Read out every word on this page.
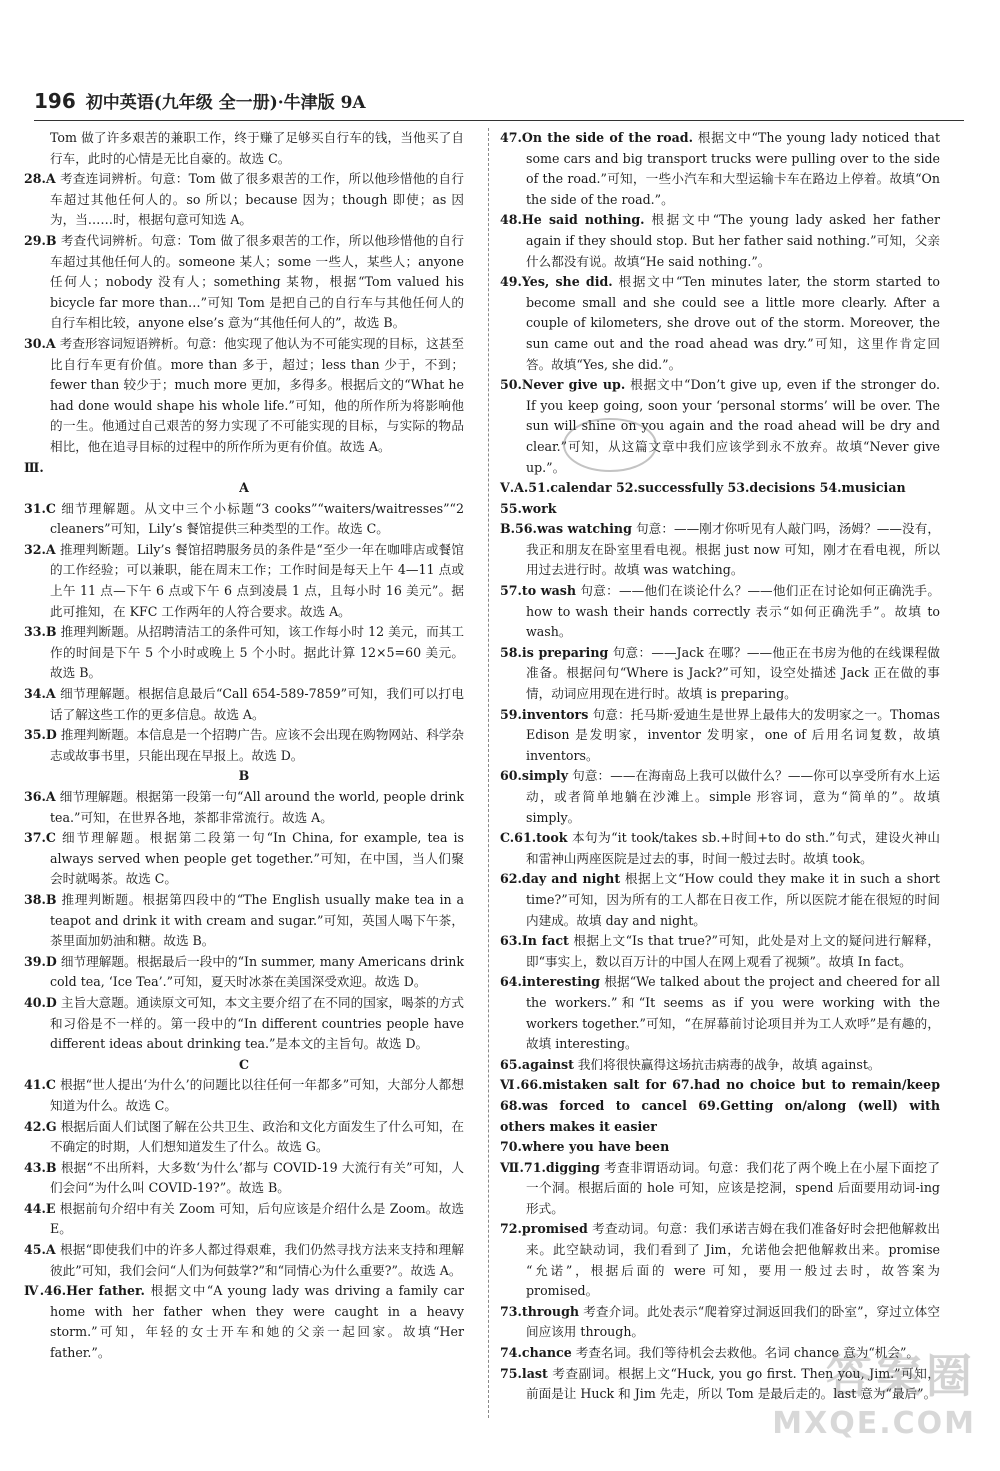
196 初中英语(九年级 全一册)·牛津版 9A

Tom 做了许多艰苦的兼职工作，终于赚了足够买自行车的钱，当他买了自行车，此时的心情是无比自豪的。故选 C。

28.A 考查连词辨析。句意：Tom 做了很多艰苦的工作，所以他珍惜他的自行车超过其他任何人的。so 所以；because 因为；though 即使；as 因为，当……时，根据句意可知选 A。

29.B 考查代词辨析。句意：Tom 做了很多艰苦的工作，所以他珍惜他的自行车超过其他任何人的。someone 某人；some 一些人，某些人；anyone 任何人；nobody 没有人；something 某物，根据“Tom valued his bicycle far more than…”可知 Tom 是把自己的自行车与其他任何人的自行车相比较，anyone else’s 意为“其他任何人的”，故选 B。

30.A 考查形容词短语辨析。句意：他实现了他认为不可能实现的目标，这甚至比自行车更有价值。more than 多于，超过；less than 少于，不到；fewer than 较少于；much more 更加，多得多。根据后文的“What he had done would shape his whole life.”可知，他的所作所为将影响他的一生。他通过自己艰苦的努力实现了不可能实现的目标，与实际的物品相比，他在追寻目标的过程中的所作所为更有价值。故选 A。

Ⅲ.

A

31.C 细节理解题。从文中三个小标题“3 cooks”“waiters/waitresses”“2 cleaners”可知，Lily’s 餐馆提供三种类型的工作。故选 C。

32.A 推理判断题。Lily’s 餐馆招聘服务员的条件是“至少一年在咖啡店或餐馆的工作经验；可以兼职，能在周末工作；工作时间是每天上午 4—11 点或上午 11 点—下午 6 点或下午 6 点到凌晨 1 点，且每小时 16 美元”。据此可推知，在 KFC 工作两年的人符合要求。故选 A。

33.B 推理判断题。从招聘清洁工的条件可知，该工作每小时 12 美元，而其工作的时间是下午 5 个小时或晚上 5 个小时。据此计算 12×5=60 美元。故选 B。

34.A 细节理解题。根据信息最后“Call 654-589-7859”可知，我们可以打电话了解这些工作的更多信息。故选 A。

35.D 推理判断题。本信息是一个招聘广告。应该不会出现在购物网站、科学杂志或故事书里，只能出现在早报上。故选 D。

B

36.A 细节理解题。根据第一段第一句“All around the world, people drink tea.”可知，在世界各地，茶都非常流行。故选 A。

37.C 细节理解题。根据第二段第一句“In China, for example, tea is always served when people get together.”可知，在中国，当人们聚会时就喝茶。故选 C。

38.B 推理判断题。根据第四段中的“The English usually make tea in a teapot and drink it with cream and sugar.”可知，英国人喝下午茶，茶里面加奶油和糖。故选 B。

39.D 细节理解题。根据最后一段中的“In summer, many Americans drink cold tea, ‘Ice Tea’.”可知，夏天时冰茶在美国深受欢迎。故选 D。

40.D 主旨大意题。通读原文可知，本文主要介绍了在不同的国家，喝茶的方式和习俗是不一样的。第一段中的“In different countries people have different ideas about drinking tea.”是本文的主旨句。故选 D。

C

41.C 根据“世人提出‘为什么’的问题比以往任何一年都多”可知，大部分人都想知道为什么。故选 C。

42.G 根据后面人们试图了解在公共卫生、政治和文化方面发生了什么可知，在不确定的时期，人们想知道发生了什么。故选 G。

43.B 根据“不出所料，大多数‘为什么’都与 COVID-19 大流行有关”可知，人们会问“为什么叫 COVID-19?”。故选 B。

44.E 根据前句介绍中有关 Zoom 可知，后句应该是介绍什么是 Zoom。故选 E。

45.A 根据“即使我们中的许多人都过得艰难，我们仍然寻找方法来支持和理解彼此”可知，我们会问“人们为何鼓掌?”和“同情心为什么重要?”。故选 A。

Ⅳ.46.Her father. 根据文中“A young lady was driving a family car home with her father when they were caught in a heavy storm.”可知，年轻的女士开车和她的父亲一起回家。故填“Her father.”。

47.On the side of the road. 根据文中“The young lady noticed that some cars and big transport trucks were pulling over to the side of the road.”可知，一些小汽车和大型运输卡车在路边上停着。故填“On the side of the road.”。

48.He said nothing. 根据文中“The young lady asked her father again if they should stop. But her father said nothing.”可知，父亲什么都没有说。故填“He said nothing.”。

49.Yes, she did. 根据文中“Ten minutes later, the storm started to become small and she could see a little more clearly. After a couple of kilometers, she drove out of the storm. Moreover, the sun came out and the road ahead was dry.”可知，这里作肯定回答。故填“Yes, she did.”。

50.Never give up. 根据文中“Don’t give up, even if the stronger do. If you keep going, soon your ‘personal storms’ will be over. The sun will shine on you again and the road ahead will be dry and clear.”可知，从这篇文章中我们应该学到永不放弃。故填“Never give up.”。

Ⅴ.A.51.calendar 52.successfully 53.decisions 54.musician

55.work

B.56.was watching 句意：——刚才你听见有人敲门吗，汤姆？——没有，我正和朋友在卧室里看电视。根据 just now 可知，刚才在看电视，所以用过去进行时。故填 was watching。

57.to wash 句意：——他们在谈论什么？——他们正在讨论如何正确洗手。how to wash their hands correctly 表示“如何正确洗手”。故填 to wash。

58.is preparing 句意：——Jack 在哪？——他正在书房为他的在线课程做准备。根据问句“Where is Jack?”可知，设空处描述 Jack 正在做的事情，动词应用现在进行时。故填 is preparing。

59.inventors 句意：托马斯·爱迪生是世界上最伟大的发明家之一。Thomas Edison 是发明家，inventor 发明家，one of 后用名词复数，故填 inventors。

60.simply 句意：——在海南岛上我可以做什么？——你可以享受所有水上运动，或者简单地躺在沙滩上。simple 形容词，意为“简单的”。故填 simply。

C.61.took 本句为“it took/takes sb.+时间+to do sth.”句式，建设火神山和雷神山两座医院是过去的事，时间一般过去时。故填 took。

62.day and night 根据上文“How could they make it in such a short time?”可知，因为所有的工人都在日夜工作，所以医院才能在很短的时间内建成。故填 day and night。

63.In fact 根据上文“Is that true?”可知，此处是对上文的疑问进行解释，即“事实上，数以百万计的中国人在网上观看了视频”。故填 In fact。

64.interesting 根据“We talked about the project and cheered for all the workers.”和“It seems as if you were working with the workers together.”可知，“在屏幕前讨论项目并为工人欢呼”是有趣的，故填 interesting。

65.against 我们将很快赢得这场抗击病毒的战争，故填 against。

Ⅵ.66.mistaken salt for 67.had no choice but to remain/keep 68.was forced to cancel 69.Getting on/along (well) with others makes it easier

70.where you have been

Ⅶ.71.digging 考查非谓语动词。句意：我们花了两个晚上在小屋下面挖了一个洞。根据后面的 hole 可知，应该是挖洞，spend 后面要用动词-ing 形式。

72.promised 考查动词。句意：我们承诺吉姆在我们准备好时会把他解救出来。此空缺动词，我们看到了 Jim，允诺他会把他解救出来。promise “允诺”，根据后面的 were 可知，要用一般过去时，故答案为 promised。

73.through 考查介词。此处表示“爬着穿过洞返回我们的卧室”，穿过立体空间应该用 through。

74.chance 考查名词。我们等待机会去救他。名词 chance 意为“机会”。

75.last 考查副词。根据上文“Huck, you go first. Then you, Jim.”可知，前面是让 Huck 和 Jim 先走，所以 Tom 是最后走的。last 意为“最后”。

答案圈
MXQE.COM
